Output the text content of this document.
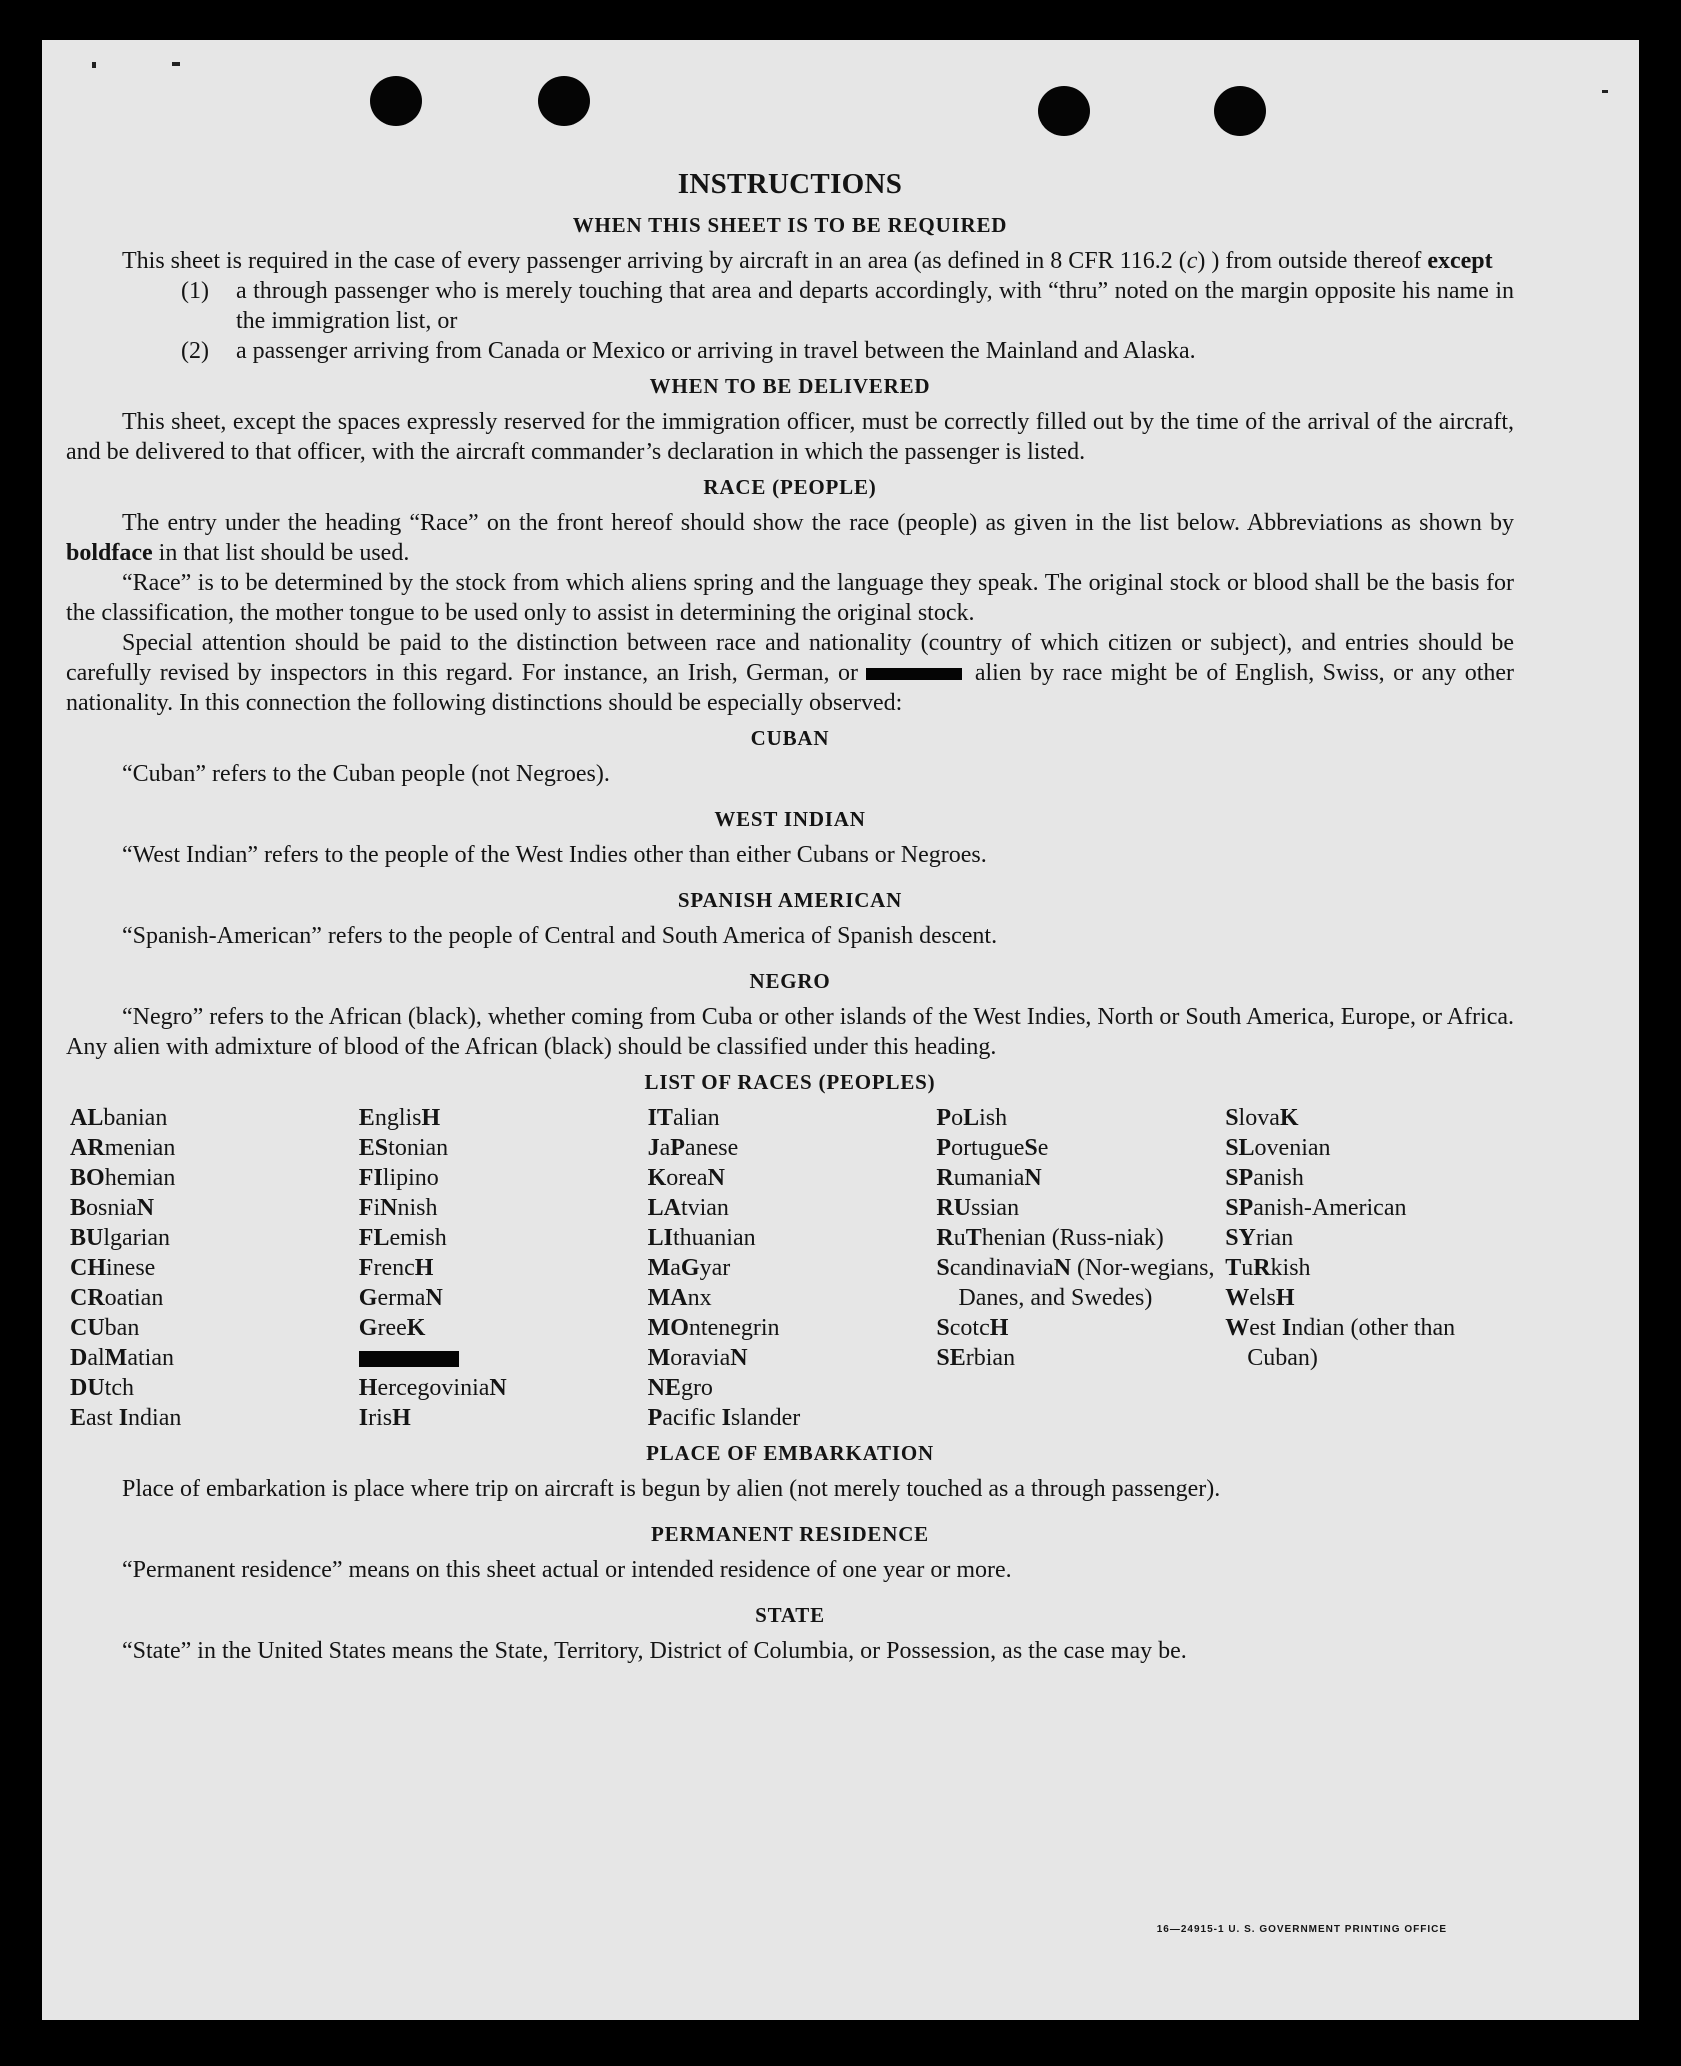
INSTRUCTIONS
WHEN THIS SHEET IS TO BE REQUIRED

This sheet is required in the case of every passenger arriving by aircraft in an area (as defined in 8 CFR 116.2 (c) ) from outside thereof except

(1)	a through passenger who is merely touching that area and departs accordingly, with “thru” noted on the margin opposite his name in the immigration list, or
(2)	a passenger arriving from Canada or Mexico or arriving in travel between the Mainland and Alaska.
WHEN TO BE DELIVERED

This sheet, except the spaces expressly reserved for the immigration officer, must be correctly filled out by the time of the arrival of the aircraft, and be delivered to that officer, with the aircraft commander’s declaration in which the passenger is listed.

RACE (PEOPLE)

The entry under the heading “Race” on the front hereof should show the race (people) as given in the list below. Abbreviations as shown by boldface in that list should be used.

“Race” is to be determined by the stock from which aliens spring and the language they speak. The original stock or blood shall be the basis for the classification, the mother tongue to be used only to assist in determining the original stock.

Special attention should be paid to the distinction between race and nationality (country of which citizen or subject), and entries should be carefully revised by inspectors in this regard. For instance, an Irish, German, or	alien by race might be of English, Swiss, or any other nationality. In this connection the following distinctions should be especially observed:

CUBAN

“Cuban” refers to the Cuban people (not Negroes).

WEST INDIAN

“West Indian” refers to the people of the West Indies other than either Cubans or Negroes.

SPANISH AMERICAN

“Spanish-American” refers to the people of Central and South America of Spanish descent.

NEGRO

“Negro” refers to the African (black), whether coming from Cuba or other islands of the West Indies, North or South America, Europe, or Africa. Any alien with admixture of blood of the African (black) should be classified under this heading.

LIST OF RACES (PEOPLES)
ALbanian
ARmenian
BOhemian
BosniaN
BUlgarian
CHinese
CRoatian
CUban
DalMatian
DUtch
East Indian
EnglisH
EStonian
FIlipino
FiNnish
FLemish
FrencH
GermaN
GreeK
HercegoviniaN
IrisH
ITalian
JaPanese
KoreaN
LAtvian
LIthuanian
MaGyar
MAnx
MOntenegrin
MoraviaN
NEgro
Pacific Islander
PoLish
PortugueSe
RumaniaN
RUssian
RuThenian (Russ-niak)
ScandinaviaN (Nor-wegians, Danes, and Swedes)
ScotcH
SErbian
SlovaK
SLovenian
SPanish
SPanish-American
SYrian
TuRkish
WelsH
West Indian (other than Cuban)
PLACE OF EMBARKATION

Place of embarkation is place where trip on aircraft is begun by alien (not merely touched as a through passenger).

PERMANENT RESIDENCE

“Permanent residence” means on this sheet actual or intended residence of one year or more.

STATE

“State” in the United States means the State, Territory, District of Columbia, or Possession, as the case may be.

16—24915-1 U. S. GOVERNMENT PRINTING OFFICE
